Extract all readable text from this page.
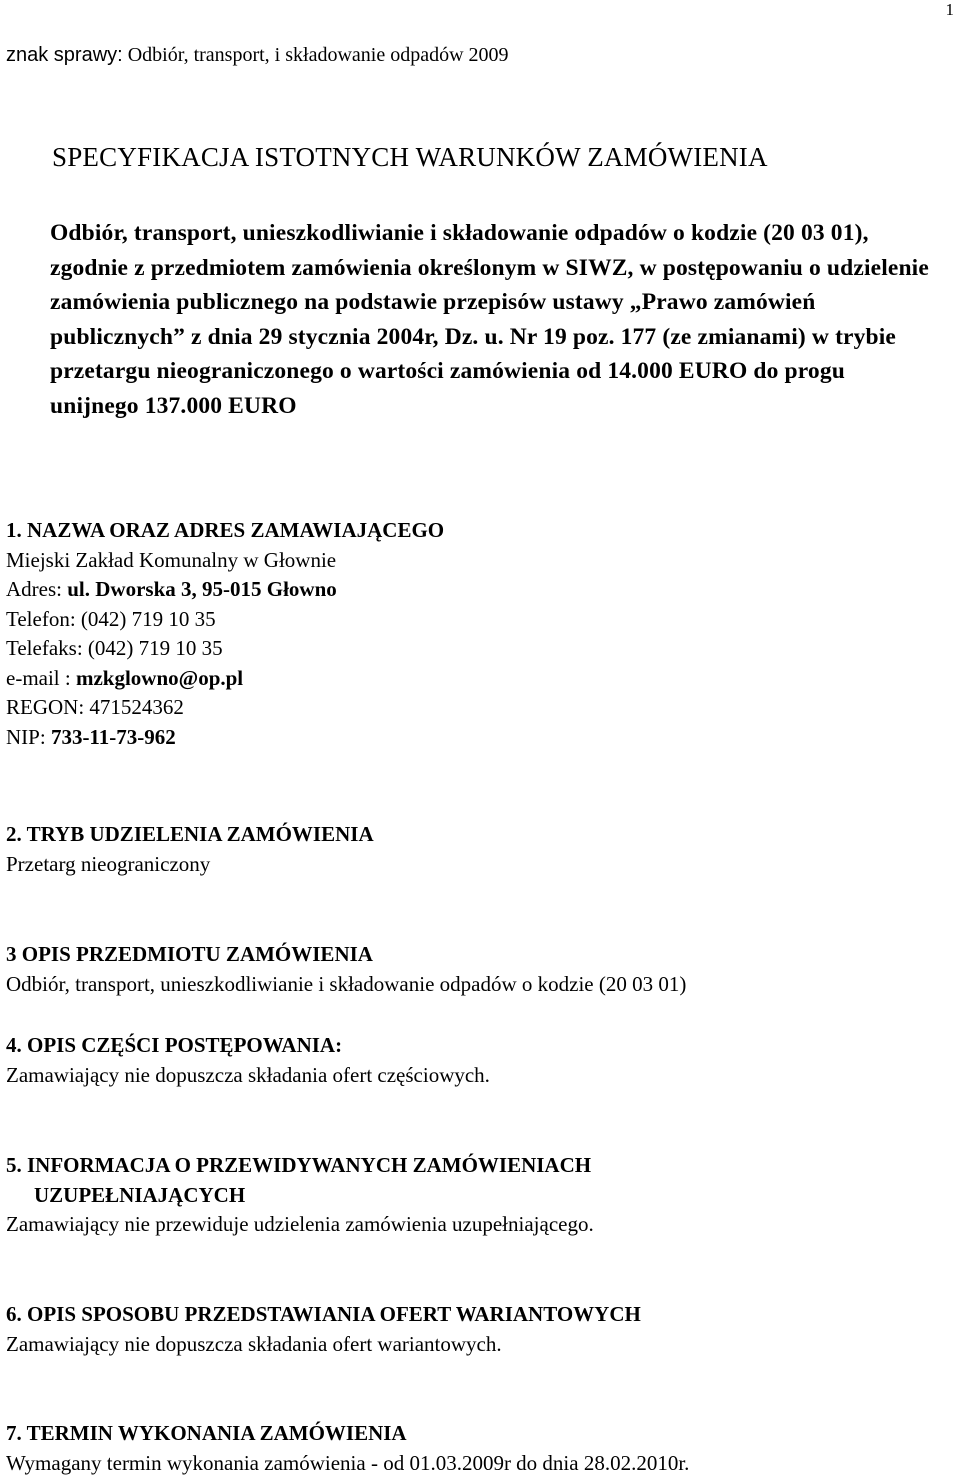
1
znak sprawy: Odbiór, transport, i składowanie odpadów 2009
SPECYFIKACJA ISTOTNYCH WARUNKÓW ZAMÓWIENIA

Odbiór, transport, unieszkodliwianie i składowanie odpadów o kodzie (20 03 01), zgodnie z przedmiotem zamówienia określonym w SIWZ, w postępowaniu o udzielenie zamówienia publicznego na podstawie przepisów ustawy „Prawo zamówień publicznych” z dnia 29 stycznia 2004r, Dz. u. Nr 19 poz. 177 (ze zmianami) w trybie przetargu nieograniczonego o wartości zamówienia od 14.000 EURO do progu unijnego 137.000 EURO

1. NAZWA ORAZ ADRES ZAMAWIAJĄCEGO
Miejski Zakład Komunalny w Głownie
Adres: ul. Dworska 3, 95-015 Głowno
Telefon: (042) 719 10 35
Telefaks: (042) 719 10 35
e-mail : mzkglowno@op.pl
REGON: 471524362
NIP: 733-11-73-962
2. TRYB UDZIELENIA ZAMÓWIENIA
Przetarg nieograniczony
3 OPIS PRZEDMIOTU ZAMÓWIENIA
Odbiór, transport, unieszkodliwianie i składowanie odpadów o kodzie (20 03 01)
4. OPIS CZĘŚCI POSTĘPOWANIA:
Zamawiający nie dopuszcza składania ofert częściowych.
5. INFORMACJA O PRZEWIDYWANYCH ZAMÓWIENIACH
UZUPEŁNIAJĄCYCH
Zamawiający nie przewiduje udzielenia zamówienia uzupełniającego.
6. OPIS SPOSOBU PRZEDSTAWIANIA OFERT WARIANTOWYCH
Zamawiający nie dopuszcza składania ofert wariantowych.
7. TERMIN WYKONANIA ZAMÓWIENIA
Wymagany termin wykonania zamówienia - od 01.03.2009r do dnia 28.02.2010r.
